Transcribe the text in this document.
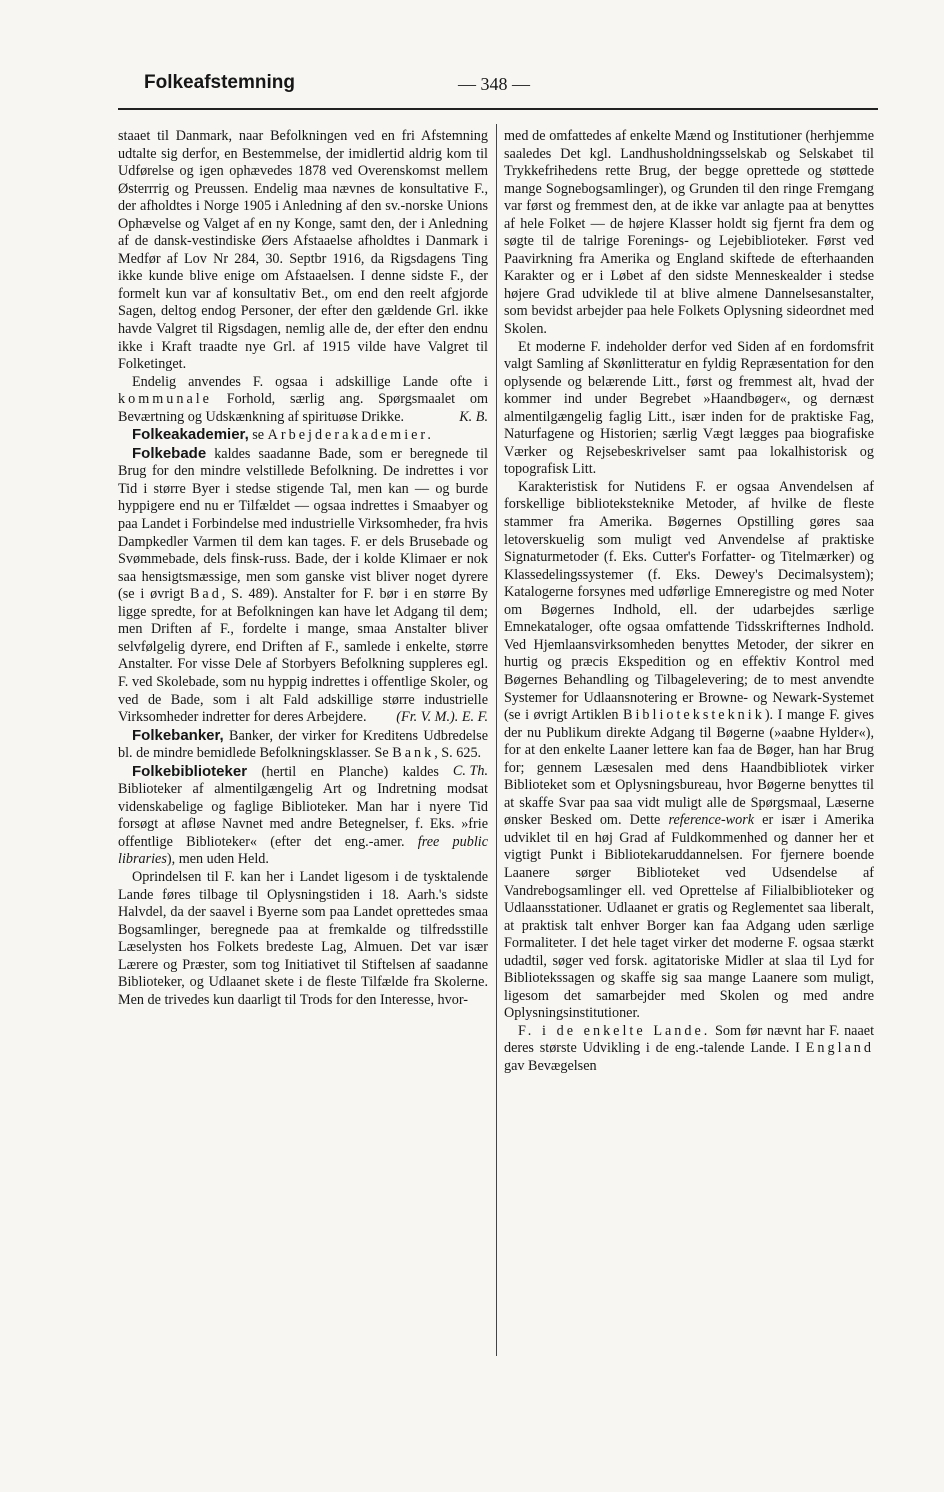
Folkeafstemning	— 348 —

staaet til Danmark, naar Befolkningen ved en fri Afstemning udtalte sig derfor, en Bestemmelse, der imidlertid aldrig kom til Udførelse og igen ophævedes 1878 ved Overenskomst mellem Østerrrig og Preussen. Endelig maa nævnes de konsultative F., der afholdtes i Norge 1905 i Anledning af den sv.-norske Unions Ophævelse og Valget af en ny Konge, samt den, der i Anledning af de dansk-vestindiske Øers Afstaaelse afholdtes i Danmark i Medfør af Lov Nr 284, 30. Septbr 1916, da Rigsdagens Ting ikke kunde blive enige om Afstaaelsen. I denne sidste F., der formelt kun var af konsultativ Bet., om end den reelt afgjorde Sagen, deltog endog Personer, der efter den gældende Grl. ikke havde Valgret til Rigsdagen, nemlig alle de, der efter den endnu ikke i Kraft traadte nye Grl. af 1915 vilde have Valgret til Folketinget.

Endelig anvendes F. ogsaa i adskillige Lande ofte i kommunale Forhold, særlig ang. Spørgsmaalet om Beværtning og Udskænkning af spirituøse Drikke.	K. B.

Folkeakademier, se Arbejderakademier.

Folkebade kaldes saadanne Bade, som er beregnede til Brug for den mindre velstillede Befolkning. De indrettes i vor Tid i større Byer i stedse stigende Tal, men kan — og burde hyppigere end nu er Tilfældet — ogsaa indrettes i Smaabyer og paa Landet i Forbindelse med industrielle Virksomheder, fra hvis Dampkedler Varmen til dem kan tages. F. er dels Brusebade og Svømmebade, dels finsk-russ. Bade, der i kolde Klimaer er nok saa hensigtsmæssige, men som ganske vist bliver noget dyrere (se i øvrigt Bad, S. 489). Anstalter for F. bør i en større By ligge spredte, for at Befolkningen kan have let Adgang til dem; men Driften af F., fordelte i mange, smaa Anstalter bliver selvfølgelig dyrere, end Driften af F., samlede i enkelte, større Anstalter. For visse Dele af Storbyers Befolkning suppleres egl. F. ved Skolebade, som nu hyppig indrettes i offentlige Skoler, og ved de Bade, som i alt Fald adskillige større industrielle Virksomheder indretter for deres Arbejdere.	(Fr. V. M.). E. F.

Folkebanker, Banker, der virker for Kreditens Udbredelse bl. de mindre bemidlede Befolkningsklasser. Se Bank, S. 625.
C. Th.

Folkebiblioteker (hertil en Planche) kaldes Biblioteker af almentilgængelig Art og Indretning modsat videnskabelige og faglige Biblioteker. Man har i nyere Tid forsøgt at afløse Navnet med andre Betegnelser, f. Eks. »frie offentlige Biblioteker« (efter det eng.-amer. free public libraries), men uden Held.

Oprindelsen til F. kan her i Landet ligesom i de tysktalende Lande føres tilbage til Oplysningstiden i 18. Aarh.'s sidste Halvdel, da der saavel i Byerne som paa Landet oprettedes smaa Bogsamlinger, beregnede paa at fremkalde og tilfredsstille Læselysten hos Folkets bredeste Lag, Almuen. Det var især Lærere og Præster, som tog Initiativet til Stiftelsen af saadanne Biblioteker, og Udlaanet skete i de fleste Tilfælde fra Skolerne. Men de trivedes kun daarligt til Trods for den Interesse, hvor-

med de omfattedes af enkelte Mænd og Institutioner (herhjemme saaledes Det kgl. Landhusholdningsselskab og Selskabet til Trykkefrihedens rette Brug, der begge oprettede og støttede mange Sognebogsamlinger), og Grunden til den ringe Fremgang var først og fremmest den, at de ikke var anlagte paa at benyttes af hele Folket — de højere Klasser holdt sig fjernt fra dem og søgte til de talrige Forenings- og Lejebiblioteker. Først ved Paavirkning fra Amerika og England skiftede de efterhaanden Karakter og er i Løbet af den sidste Menneskealder i stedse højere Grad udviklede til at blive almene Dannelsesanstalter, som bevidst arbejder paa hele Folkets Oplysning sideordnet med Skolen.

Et moderne F. indeholder derfor ved Siden af en fordomsfrit valgt Samling af Skønlitteratur en fyldig Repræsentation for den oplysende og belærende Litt., først og fremmest alt, hvad der kommer ind under Begrebet »Haandbøger«, og dernæst almentilgængelig faglig Litt., især inden for de praktiske Fag, Naturfagene og Historien; særlig Vægt lægges paa biografiske Værker og Rejsebeskrivelser samt paa lokalhistorisk og topografisk Litt.

Karakteristisk for Nutidens F. er ogsaa Anvendelsen af forskellige biblioteksteknike Metoder, af hvilke de fleste stammer fra Amerika. Bøgernes Opstilling gøres saa letoverskuelig som muligt ved Anvendelse af praktiske Signaturmetoder (f. Eks. Cutter's Forfatter- og Titelmærker) og Klassedelingssystemer (f. Eks. Dewey's Decimalsystem); Katalogerne forsynes med udførlige Emneregistre og med Noter om Bøgernes Indhold, ell. der udarbejdes særlige Emnekataloger, ofte ogsaa omfattende Tidsskrifternes Indhold. Ved Hjemlaansvirksomheden benyttes Metoder, der sikrer en hurtig og præcis Ekspedition og en effektiv Kontrol med Bøgernes Behandling og Tilbagelevering; de to mest anvendte Systemer for Udlaansnotering er Browne- og Newark-Systemet (se i øvrigt Artiklen Biblioteksteknik). I mange F. gives der nu Publikum direkte Adgang til Bøgerne (»aabne Hylder«), for at den enkelte Laaner lettere kan faa de Bøger, han har Brug for; gennem Læsesalen med dens Haandbibliotek virker Biblioteket som et Oplysningsbureau, hvor Bøgerne benyttes til at skaffe Svar paa saa vidt muligt alle de Spørgsmaal, Læserne ønsker Besked om. Dette reference-work er især i Amerika udviklet til en høj Grad af Fuldkommenhed og danner her et vigtigt Punkt i Bibliotekaruddannelsen. For fjernere boende Laanere sørger Biblioteket ved Udsendelse af Vandrebogsamlinger ell. ved Oprettelse af Filialbiblioteker og Udlaansstationer. Udlaanet er gratis og Reglementet saa liberalt, at praktisk talt enhver Borger kan faa Adgang uden særlige Formaliteter. I det hele taget virker det moderne F. ogsaa stærkt udadtil, søger ved forsk. agitatoriske Midler at slaa til Lyd for Bibliotekssagen og skaffe sig saa mange Laanere som muligt, ligesom det samarbejder med Skolen og med andre Oplysningsinstitutioner.

F. i de enkelte Lande. Som før nævnt har F. naaet deres største Udvikling i de eng.-talende Lande. I England gav Bevægelsen
